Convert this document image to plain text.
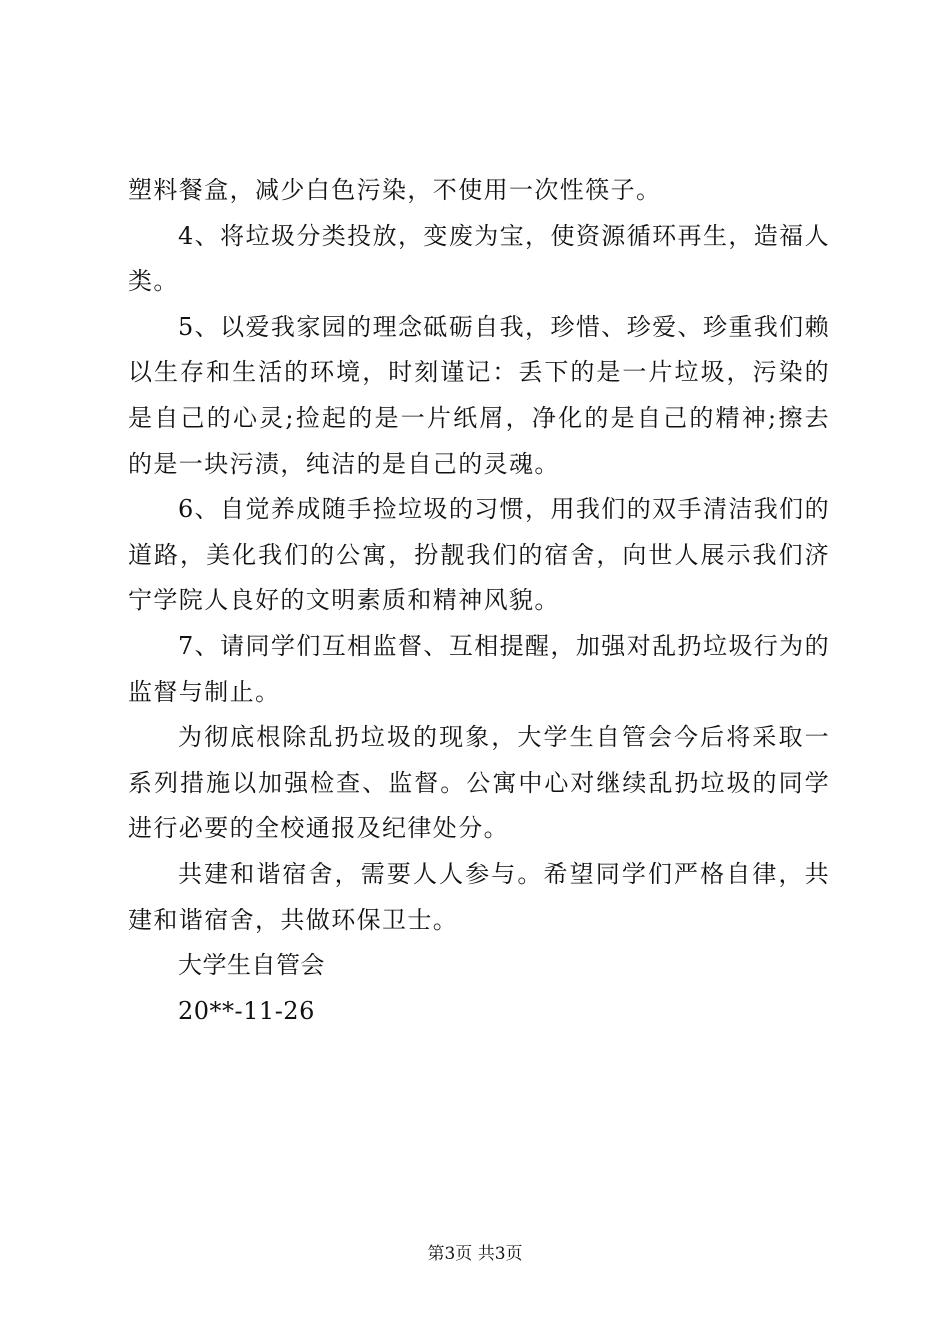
塑料餐盒，减少白色污染，不使用一次性筷子。

4、将垃圾分类投放，变废为宝，使资源循环再生，造福人类。

5、以爱我家园的理念砥砺自我，珍惜、珍爱、珍重我们赖以生存和生活的环境，时刻谨记：丢下的是一片垃圾，污染的是自己的心灵;捡起的是一片纸屑，净化的是自己的精神;擦去的是一块污渍，纯洁的是自己的灵魂。

6、自觉养成随手捡垃圾的习惯，用我们的双手清洁我们的道路，美化我们的公寓，扮靓我们的宿舍，向世人展示我们济宁学院人良好的文明素质和精神风貌。

7、请同学们互相监督、互相提醒，加强对乱扔垃圾行为的监督与制止。

为彻底根除乱扔垃圾的现象，大学生自管会今后将采取一系列措施以加强检查、监督。公寓中心对继续乱扔垃圾的同学进行必要的全校通报及纪律处分。

共建和谐宿舍，需要人人参与。希望同学们严格自律，共建和谐宿舍，共做环保卫士。

大学生自管会

20**-11-26

第3页 共3页
